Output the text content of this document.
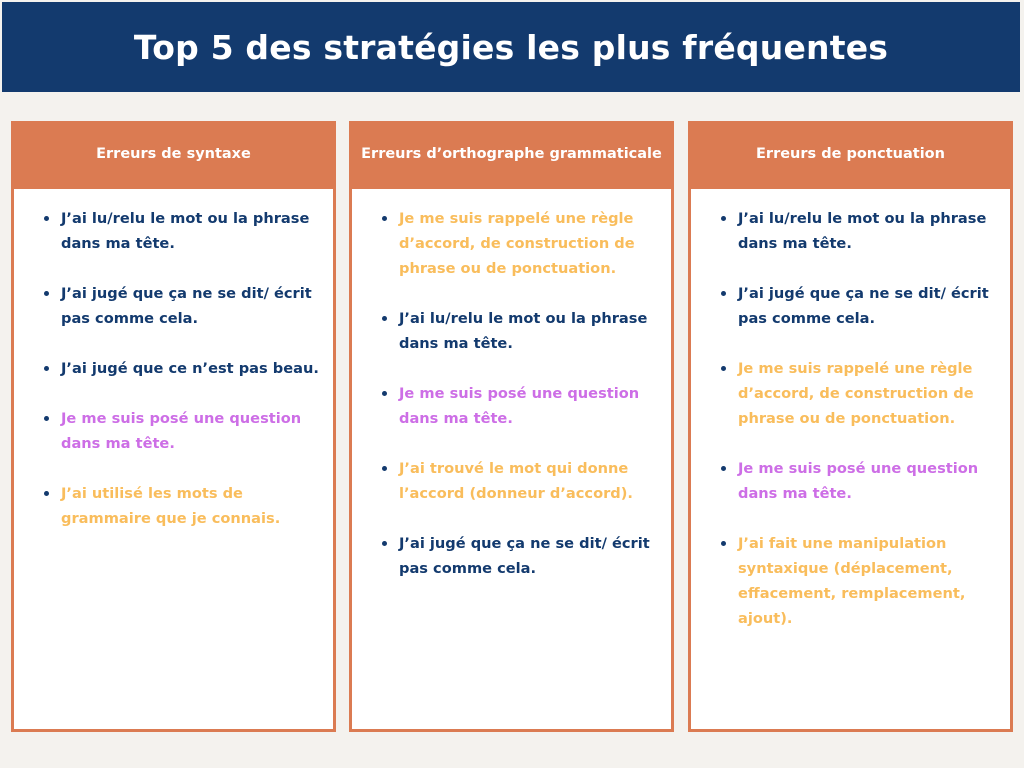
Top 5 des stratégies les plus fréquentes
Erreurs de syntaxe
J’ai lu/relu le mot ou la phrase dans ma tête.
J’ai jugé que ça ne se dit/ écrit pas comme cela.
J’ai jugé que ce n’est pas beau.
Je me suis posé une question dans ma tête.
J’ai utilisé les mots de grammaire que je connais.
Erreurs d’orthographe grammaticale
Je me suis rappelé une règle d’accord, de construction de phrase ou de ponctuation.
J’ai lu/relu le mot ou la phrase dans ma tête.
Je me suis posé une question dans ma tête.
J’ai trouvé le mot qui donne l’accord (donneur d’accord).
J’ai jugé que ça ne se dit/ écrit pas comme cela.
Erreurs de ponctuation
J’ai lu/relu le mot ou la phrase dans ma tête.
J’ai jugé que ça ne se dit/ écrit pas comme cela.
Je me suis rappelé une règle d’accord, de construction de phrase ou de ponctuation.
Je me suis posé une question dans ma tête.
J’ai fait une manipulation syntaxique (déplacement, effacement, remplacement, ajout).
